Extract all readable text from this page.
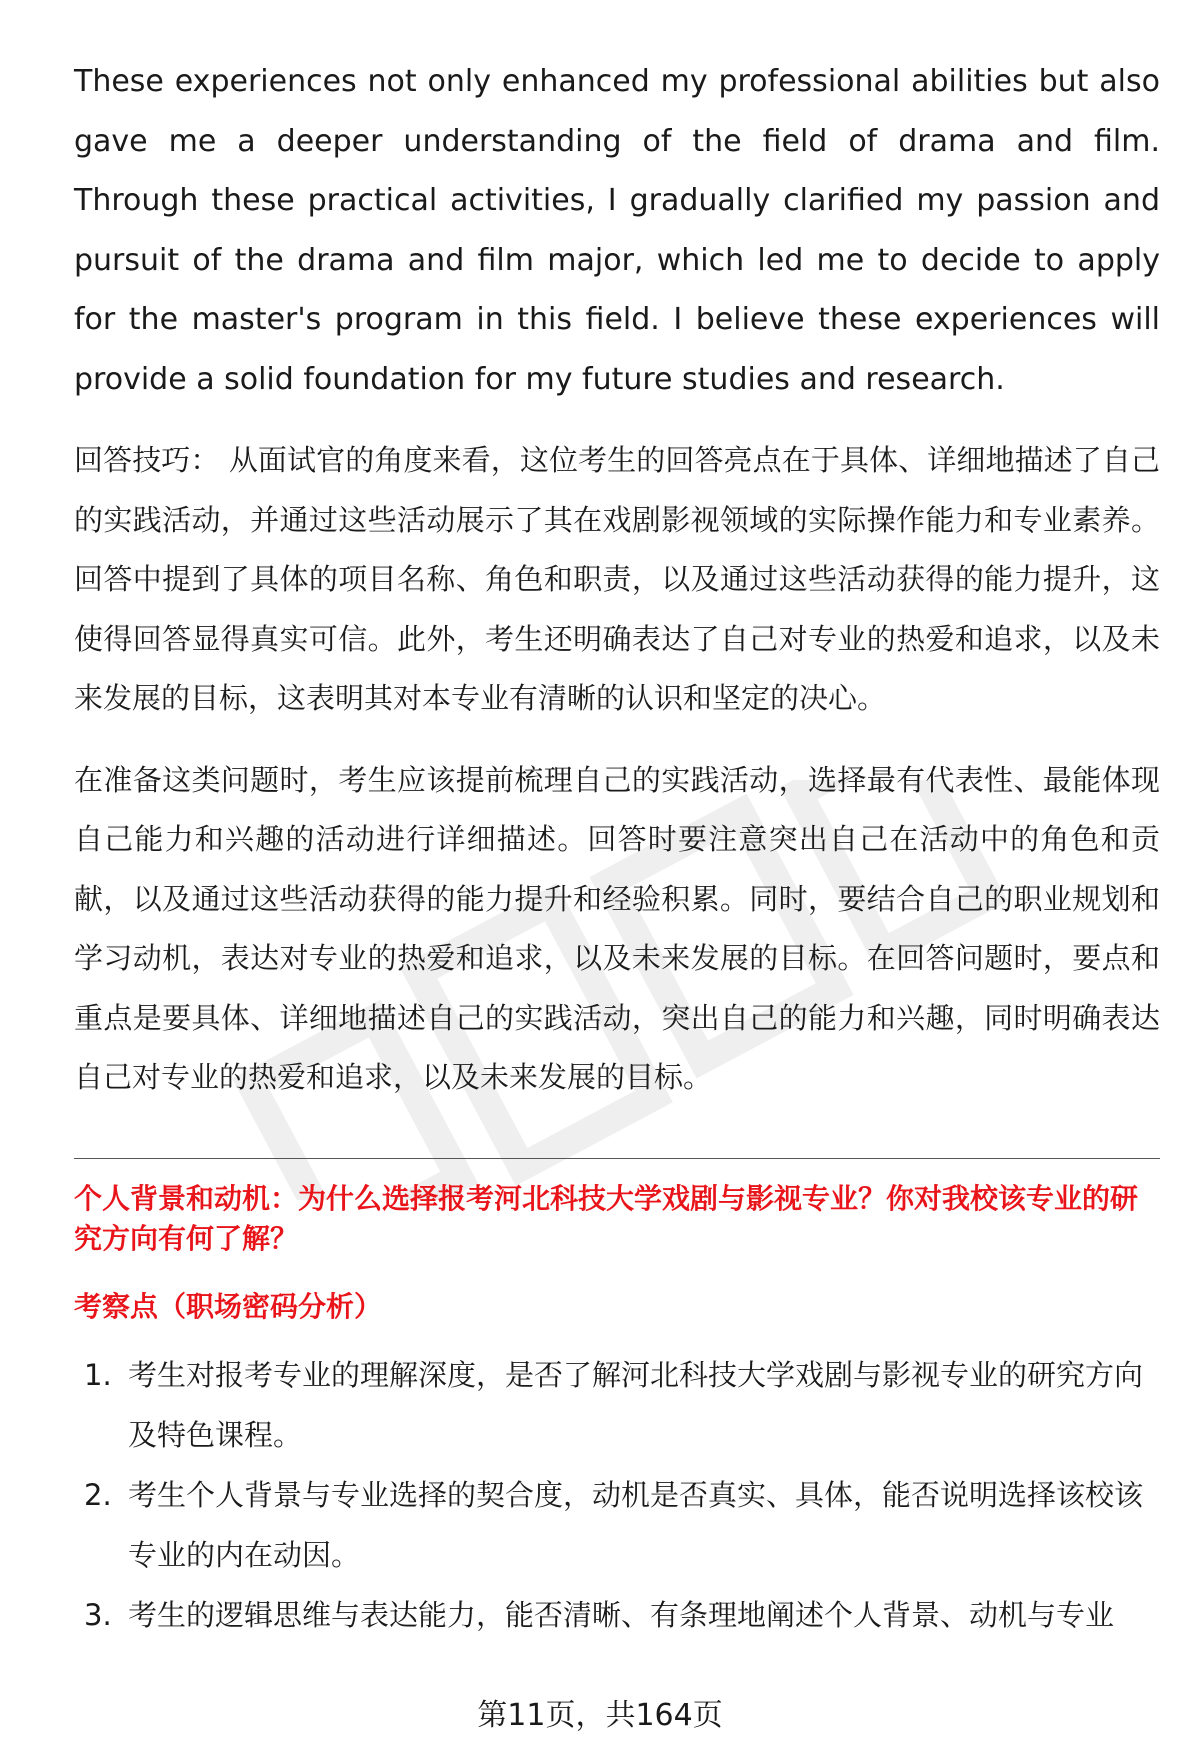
These experiences not only enhanced my professional abilities but also gave me a deeper understanding of the field of drama and film. Through these practical activities, I gradually clarified my passion and pursuit of the drama and film major, which led me to decide to apply for the master's program in this field. I believe these experiences will provide a solid foundation for my future studies and research.

回答技巧： 从面试官的角度来看，这位考生的回答亮点在于具体、详细地描述了自己的实践活动，并通过这些活动展示了其在戏剧影视领域的实际操作能力和专业素养。回答中提到了具体的项目名称、角色和职责，以及通过这些活动获得的能力提升，这使得回答显得真实可信。此外，考生还明确表达了自己对专业的热爱和追求，以及未来发展的目标，这表明其对本专业有清晰的认识和坚定的决心。

在准备这类问题时，考生应该提前梳理自己的实践活动，选择最有代表性、最能体现自己能力和兴趣的活动进行详细描述。回答时要注意突出自己在活动中的角色和贡献，以及通过这些活动获得的能力提升和经验积累。同时，要结合自己的职业规划和学习动机，表达对专业的热爱和追求，以及未来发展的目标。在回答问题时，要点和重点是要具体、详细地描述自己的实践活动，突出自己的能力和兴趣，同时明确表达自己对专业的热爱和追求，以及未来发展的目标。

个人背景和动机：为什么选择报考河北科技大学戏剧与影视专业？你对我校该专业的研究方向有何了解？
考察点（职场密码分析）
1. 考生对报考专业的理解深度，是否了解河北科技大学戏剧与影视专业的研究方向及特色课程。
2. 考生个人背景与专业选择的契合度，动机是否真实、具体，能否说明选择该校该专业的内在动因。
3. 考生的逻辑思维与表达能力，能否清晰、有条理地阐述个人背景、动机与专业
第11页，共164页
